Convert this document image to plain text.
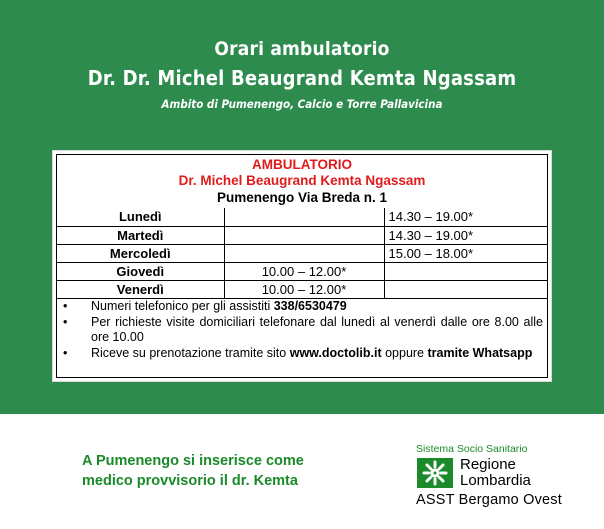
Orari ambulatorio
Dr. Dr. Michel Beaugrand Kemta Ngassam
Ambito di Pumenengo, Calcio e Torre Pallavicina
AMBULATORIO
Dr. Michel Beaugrand Kemta Ngassam
Pumenengo Via Breda n. 1
Lunedì		14.30 – 19.00*
Martedì		14.30 – 19.00*
Mercoledì		15.00 – 18.00*
Giovedì	10.00 – 12.00*	
Venerdì	10.00 – 12.00*	
• Numeri telefonico per gli assistiti 338/6530479
• Per richieste visite domiciliari telefonare dal lunedì al venerdì dalle ore 8.00 alle ore 10.00
• Riceve su prenotazione tramite sito www.doctolib.it oppure tramite Whatsapp
A Pumenengo si inserisce come
medico provvisorio il dr. Kemta
Sistema Socio Sanitario
Regione
Lombardia
ASST Bergamo Ovest
